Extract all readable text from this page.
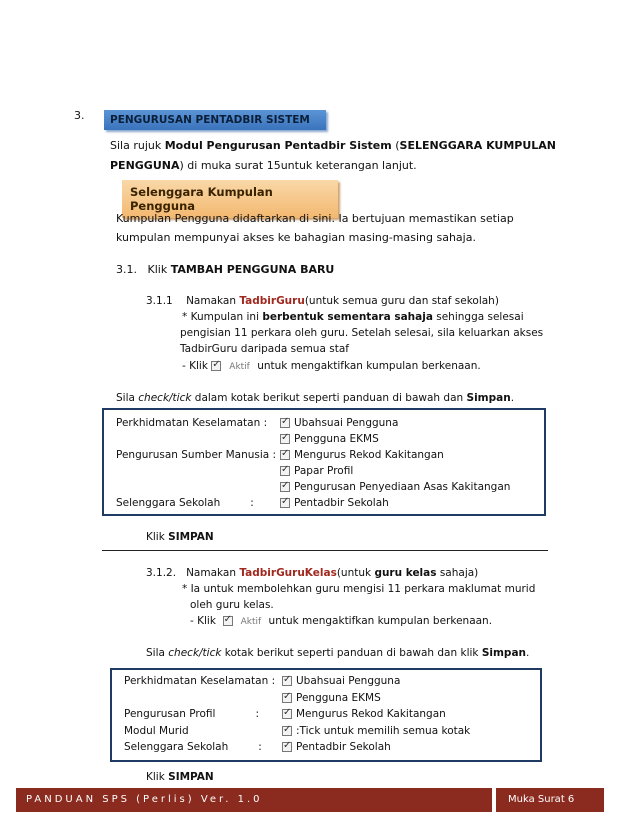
3.	PENGURUSAN PENTADBIR SISTEM
Sila rujuk Modul Pengurusan Pentadbir Sistem (SELENGGARA KUMPULAN
PENGGUNA) di muka surat 15untuk keterangan lanjut.
Selenggara Kumpulan Pengguna
Kumpulan Pengguna didaftarkan di sini. Ia bertujuan memastikan setiap
kumpulan mempunyai akses ke bahagian masing-masing sahaja.
3.1. Klik TAMBAH PENGGUNA BARU
3.1.1 Namakan TadbirGuru(untuk semua guru dan staf sekolah)
* Kumpulan ini berbentuk sementara sahaja sehingga selesai
pengisian 11 perkara oleh guru. Setelah selesai, sila keluarkan akses
TadbirGuru daripada semua staf
- Klik ✓ Aktif untuk mengaktifkan kumpulan berkenaan.
Sila check/tick dalam kotak berikut seperti panduan di bawah dan Simpan.
Perkhidmatan Keselamatan : ✓	Ubahsuai Pengguna
✓Pengguna EKMS
Pengurusan Sumber Manusia : ✓ Mengurus Rekod Kakitangan
✓Papar Profil
✓Pengurusan Penyediaan Asas Kakitangan
Selenggara Sekolah         : ✓	Pentadbir Sekolah
Klik SIMPAN
3.1.2. Namakan TadbirGuruKelas(untuk guru kelas sahaja)
* Ia untuk membolehkan guru mengisi 11 perkara maklumat murid
oleh guru kelas.
- Klik ✓	Aktif untuk mengaktifkan kumpulan berkenaan.
Sila check/tick kotak berikut seperti panduan di bawah dan klik Simpan.
Perkhidmatan Keselamatan : ✓ Ubahsuai Pengguna
✓Pengguna EKMS
Pengurusan Profil            : ✓	Mengurus Rekod Kakitangan
Modul Murid ✓	:Tick untuk memilih semua kotak
Selenggara Sekolah         : ✓	Pentadbir Sekolah
Klik SIMPAN
PANDUAN SPS (Perlis) Ver. 1.0	Muka Surat 6
